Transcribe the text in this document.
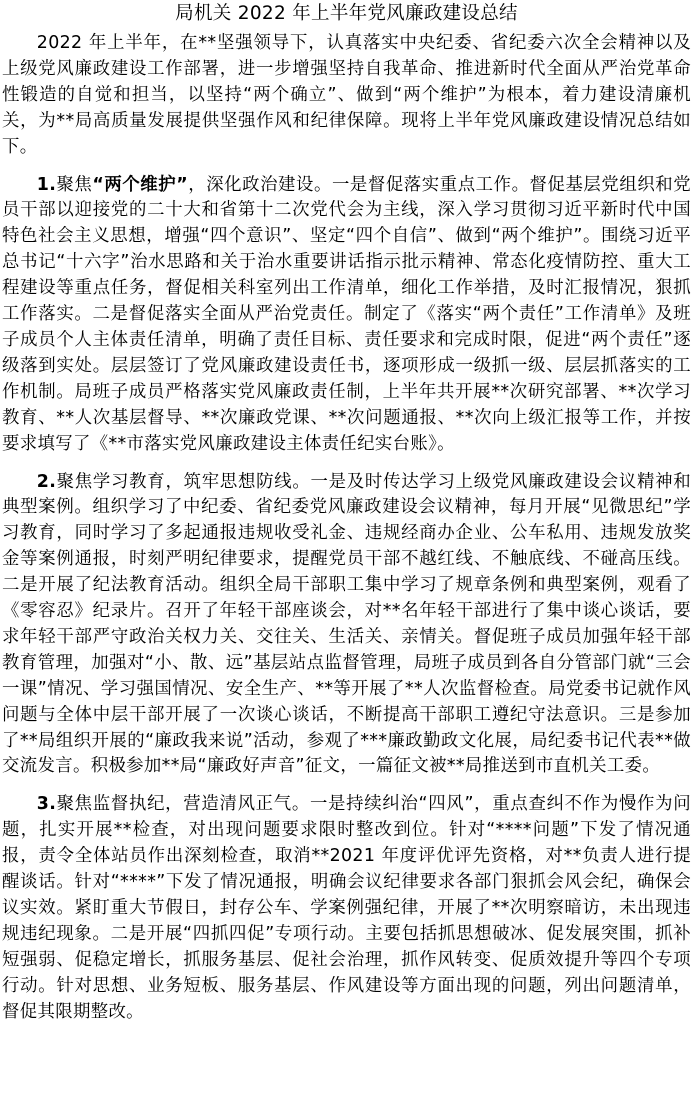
局机关 2022 年上半年党风廉政建设总结

2022 年上半年，在**坚强领导下，认真落实中央纪委、省纪委六次全会精神以及上级党风廉政建设工作部署，进一步增强坚持自我革命、推进新时代全面从严治党革命性锻造的自觉和担当，以坚持“两个确立”、做到“两个维护”为根本，着力建设清廉机关，为**局高质量发展提供坚强作风和纪律保障。现将上半年党风廉政建设情况总结如下。

1.聚焦“两个维护”，深化政治建设。一是督促落实重点工作。督促基层党组织和党员干部以迎接党的二十大和省第十二次党代会为主线，深入学习贯彻习近平新时代中国特色社会主义思想，增强“四个意识”、坚定“四个自信”、做到“两个维护”。围绕习近平总书记“十六字”治水思路和关于治水重要讲话指示批示精神、常态化疫情防控、重大工程建设等重点任务，督促相关科室列出工作清单，细化工作举措，及时汇报情况，狠抓工作落实。二是督促落实全面从严治党责任。制定了《落实“两个责任”工作清单》及班子成员个人主体责任清单，明确了责任目标、责任要求和完成时限，促进“两个责任”逐级落到实处。层层签订了党风廉政建设责任书，逐项形成一级抓一级、层层抓落实的工作机制。局班子成员严格落实党风廉政责任制，上半年共开展**次研究部署、**次学习教育、**人次基层督导、**次廉政党课、**次问题通报、**次向上级汇报等工作，并按要求填写了《**市落实党风廉政建设主体责任纪实台账》。

2.聚焦学习教育，筑牢思想防线。一是及时传达学习上级党风廉政建设会议精神和典型案例。组织学习了中纪委、省纪委党风廉政建设会议精神，每月开展“见微思纪”学习教育，同时学习了多起通报违规收受礼金、违规经商办企业、公车私用、违规发放奖金等案例通报，时刻严明纪律要求，提醒党员干部不越红线、不触底线、不碰高压线。二是开展了纪法教育活动。组织全局干部职工集中学习了规章条例和典型案例，观看了《零容忍》纪录片。召开了年轻干部座谈会，对**名年轻干部进行了集中谈心谈话，要求年轻干部严守政治关权力关、交往关、生活关、亲情关。督促班子成员加强年轻干部教育管理，加强对“小、散、远”基层站点监督管理，局班子成员到各自分管部门就“三会一课”情况、学习强国情况、安全生产、**等开展了**人次监督检查。局党委书记就作风问题与全体中层干部开展了一次谈心谈话，不断提高干部职工遵纪守法意识。三是参加了**局组织开展的“廉政我来说”活动，参观了***廉政勤政文化展，局纪委书记代表**做交流发言。积极参加**局“廉政好声音”征文，一篇征文被**局推送到市直机关工委。

3.聚焦监督执纪，营造清风正气。一是持续纠治“四风”，重点查纠不作为慢作为问题，扎实开展**检查，对出现问题要求限时整改到位。针对“****问题”下发了情况通报，责令全体站员作出深刻检查，取消**2021 年度评优评先资格，对**负责人进行提醒谈话。针对“****”下发了情况通报，明确会议纪律要求各部门狠抓会风会纪，确保会议实效。紧盯重大节假日，封存公车、学案例强纪律，开展了**次明察暗访，未出现违规违纪现象。二是开展“四抓四促”专项行动。主要包括抓思想破冰、促发展突围，抓补短强弱、促稳定增长，抓服务基层、促社会治理，抓作风转变、促质效提升等四个专项行动。针对思想、业务短板、服务基层、作风建设等方面出现的问题，列出问题清单，督促其限期整改。
